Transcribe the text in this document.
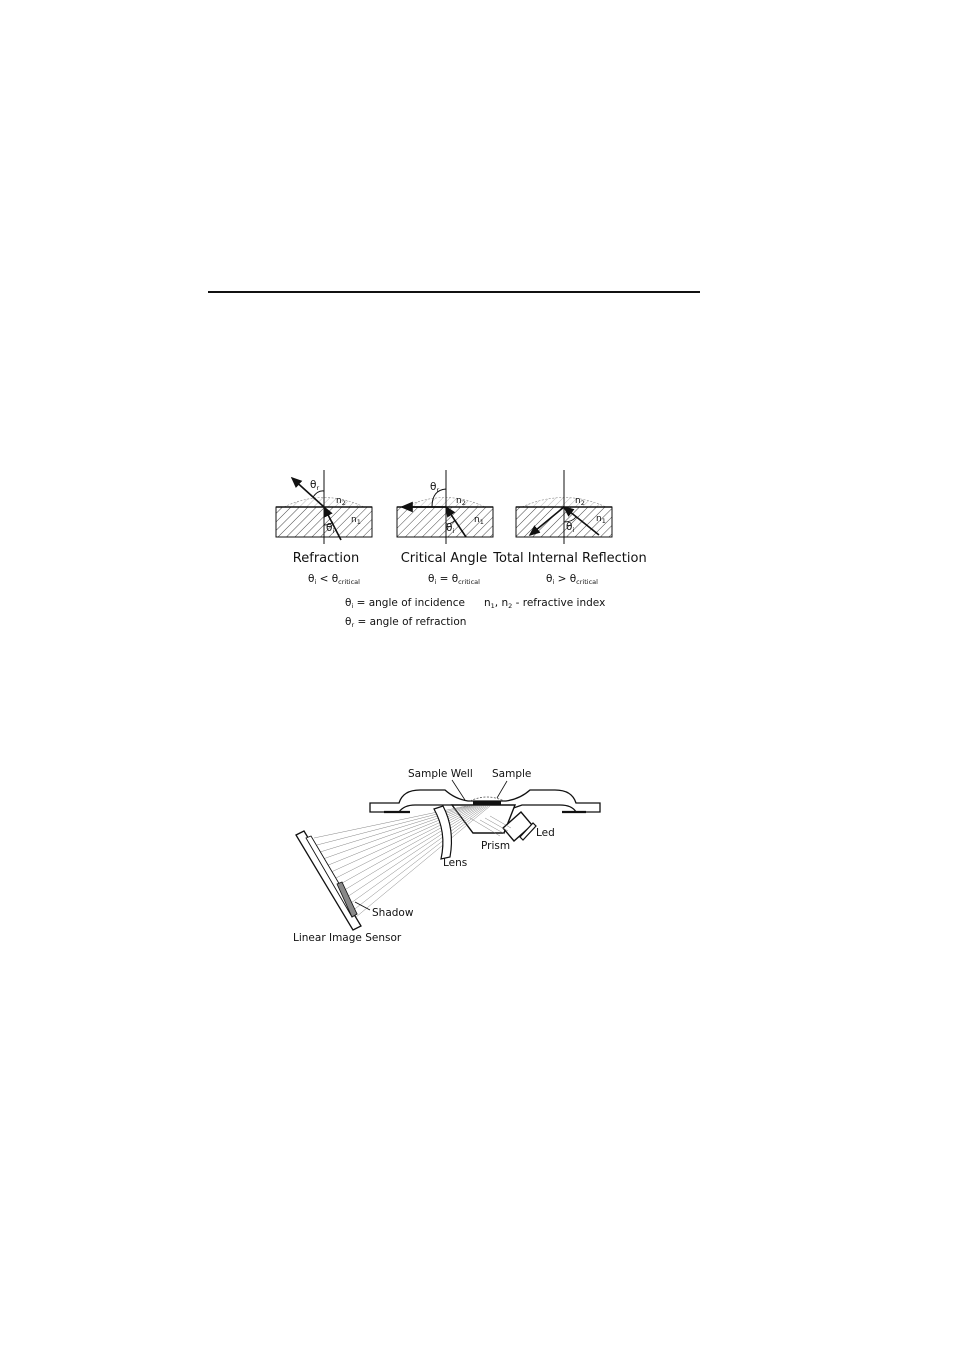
θr
θi
$n_2$
$n_1$
Refraction
θi < θcritical
θr
θi
$n_2$
$n_1$
Critical Angle
θi = θcritical
θi
$n_2$
$n_1$
Total Internal Reflection
θi > θcritical
θi = angle of incidence
θr = angle of refraction
n1, n2 - refractive index
Sample Well Sample
Led
Prism
Lens
Shadow
Linear Image Sensor
